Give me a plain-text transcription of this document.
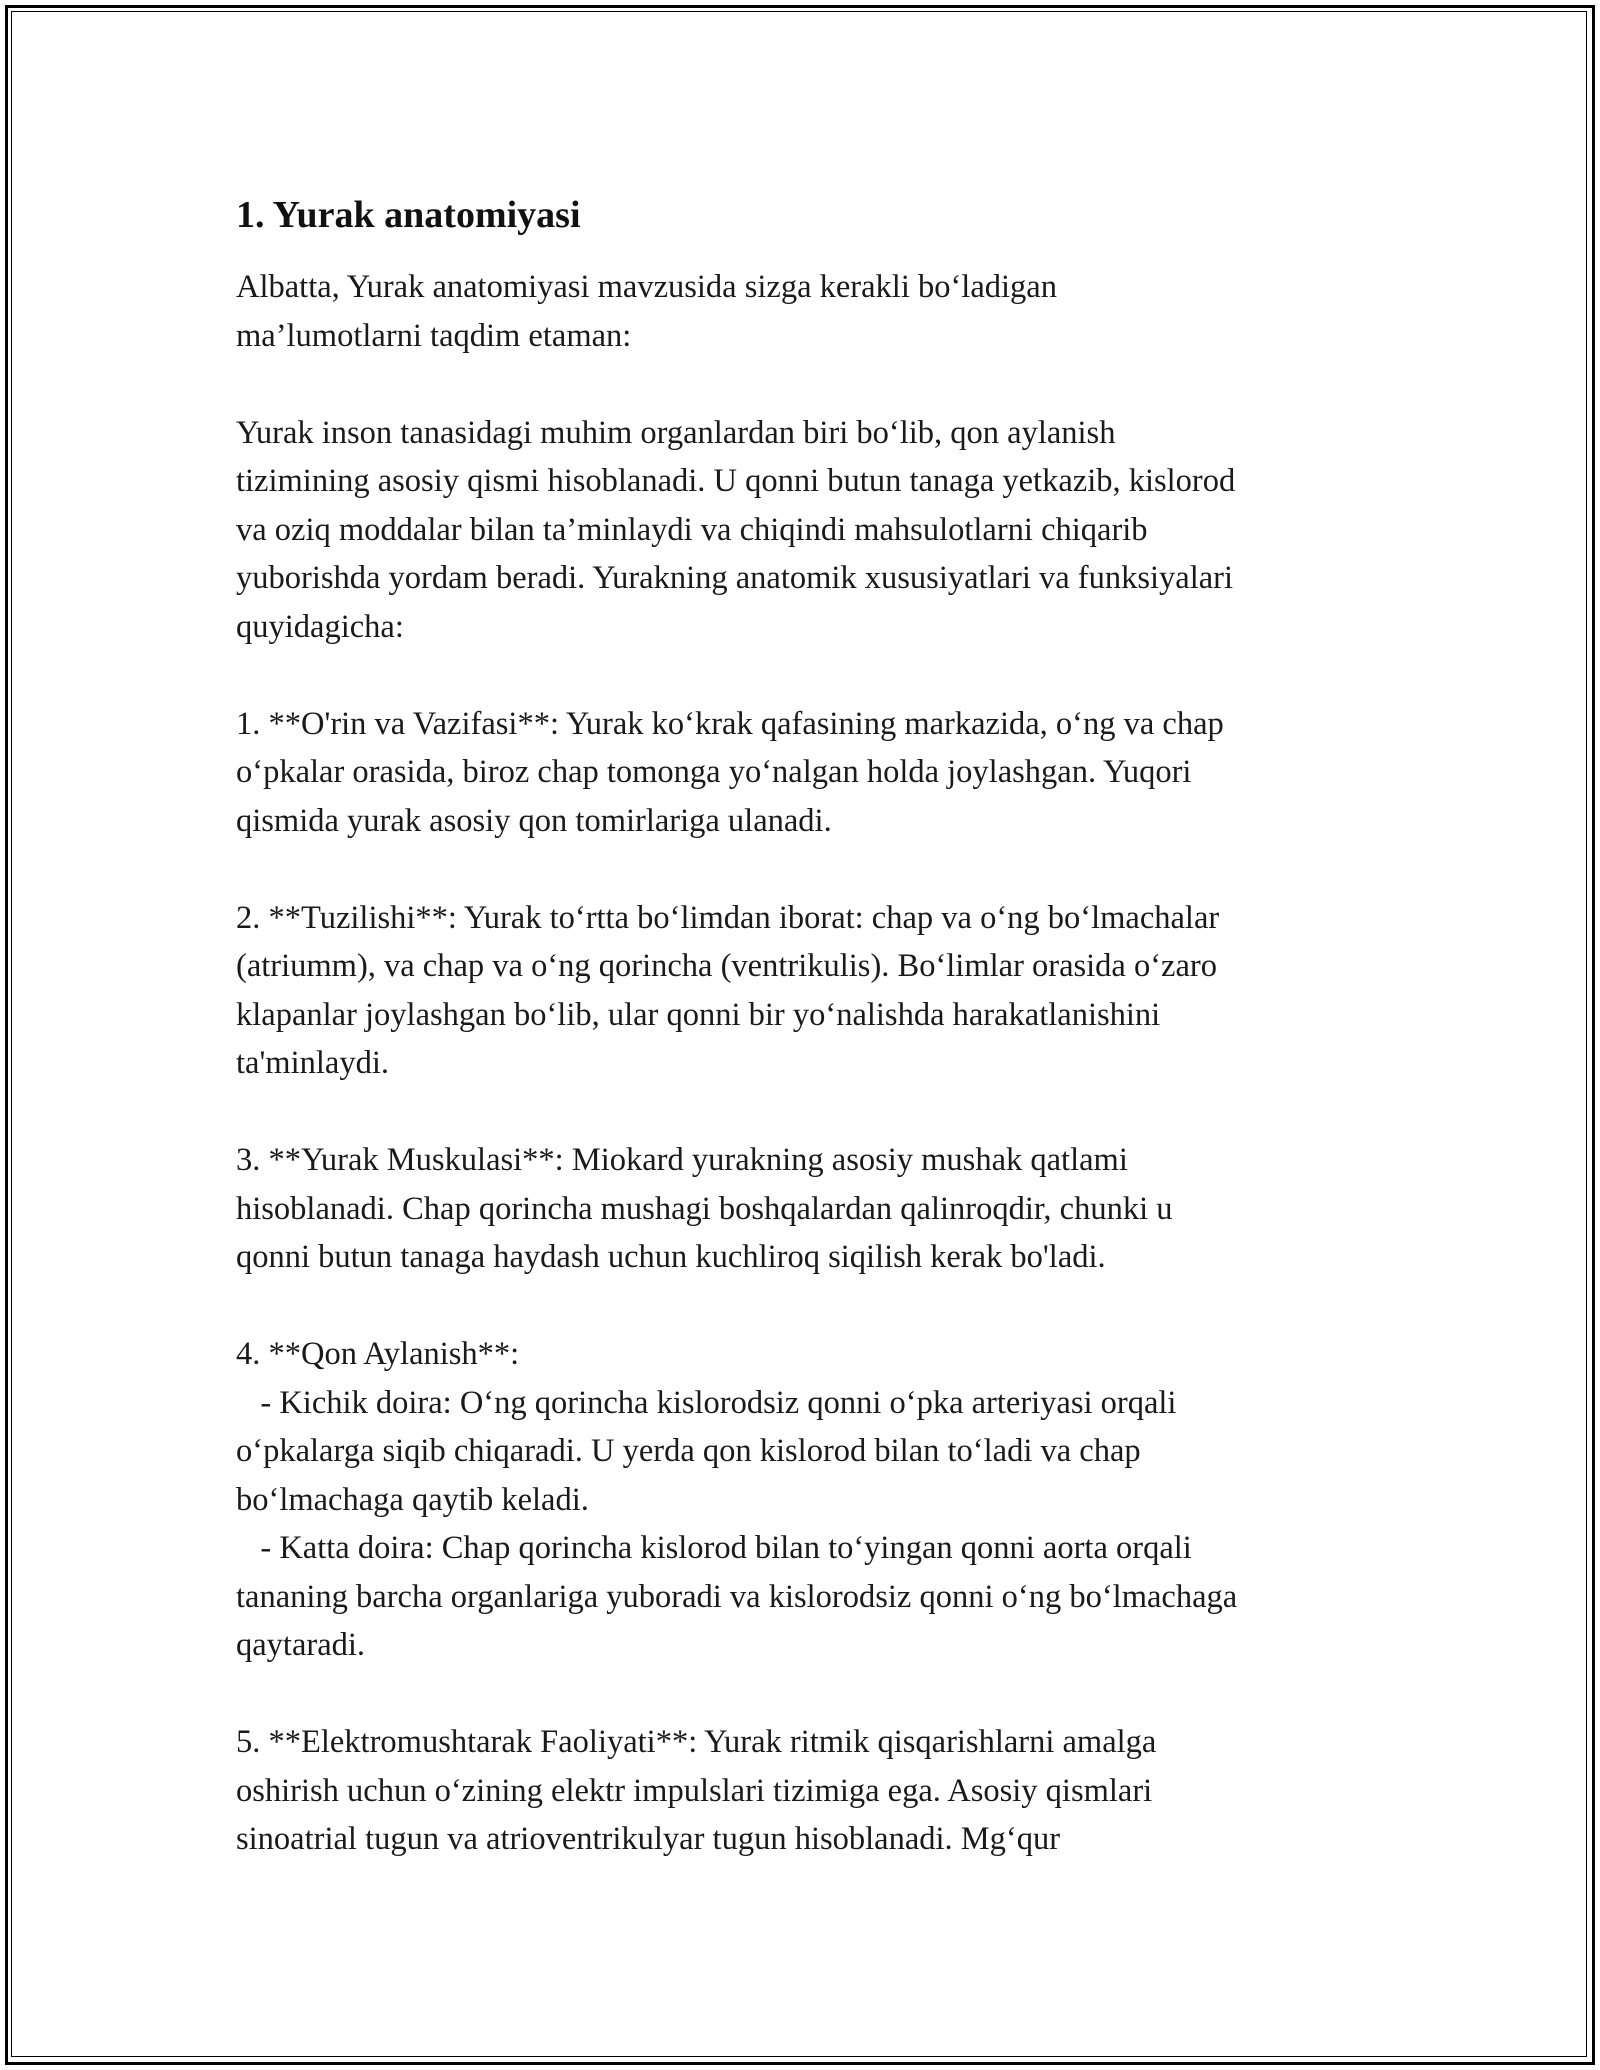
1. Yurak anatomiyasi
Albatta, Yurak anatomiyasi mavzusida sizga kerakli bo‘ladigan
ma’lumotlarni taqdim etaman:
Yurak inson tanasidagi muhim organlardan biri bo‘lib, qon aylanish
tizimining asosiy qismi hisoblanadi. U qonni butun tanaga yetkazib, kislorod
va oziq moddalar bilan ta’minlaydi va chiqindi mahsulotlarni chiqarib
yuborishda yordam beradi. Yurakning anatomik xususiyatlari va funksiyalari
quyidagicha:
1. **O'rin va Vazifasi**: Yurak ko‘krak qafasining markazida, o‘ng va chap
o‘pkalar orasida, biroz chap tomonga yo‘nalgan holda joylashgan. Yuqori
qismida yurak asosiy qon tomirlariga ulanadi.
2. **Tuzilishi**: Yurak to‘rtta bo‘limdan iborat: chap va o‘ng bo‘lmachalar
(atriumm), va chap va o‘ng qorincha (ventrikulis). Bo‘limlar orasida o‘zaro
klapanlar joylashgan bo‘lib, ular qonni bir yo‘nalishda harakatlanishini
ta'minlaydi.
3. **Yurak Muskulasi**: Miokard yurakning asosiy mushak qatlami
hisoblanadi. Chap qorincha mushagi boshqalardan qalinroqdir, chunki u
qonni butun tanaga haydash uchun kuchliroq siqilish kerak bo'ladi.
4. **Qon Aylanish**:
- Kichik doira: O‘ng qorincha kislorodsiz qonni o‘pka arteriyasi orqali
o‘pkalarga siqib chiqaradi. U yerda qon kislorod bilan to‘ladi va chap
bo‘lmachaga qaytib keladi.
- Katta doira: Chap qorincha kislorod bilan to‘yingan qonni aorta orqali
tananing barcha organlariga yuboradi va kislorodsiz qonni o‘ng bo‘lmachaga
qaytaradi.
5. **Elektromushtarak Faoliyati**: Yurak ritmik qisqarishlarni amalga
oshirish uchun o‘zining elektr impulslari tizimiga ega. Asosiy qismlari
sinoatrial tugun va atrioventrikulyar tugun hisoblanadi. Mg‘qur
